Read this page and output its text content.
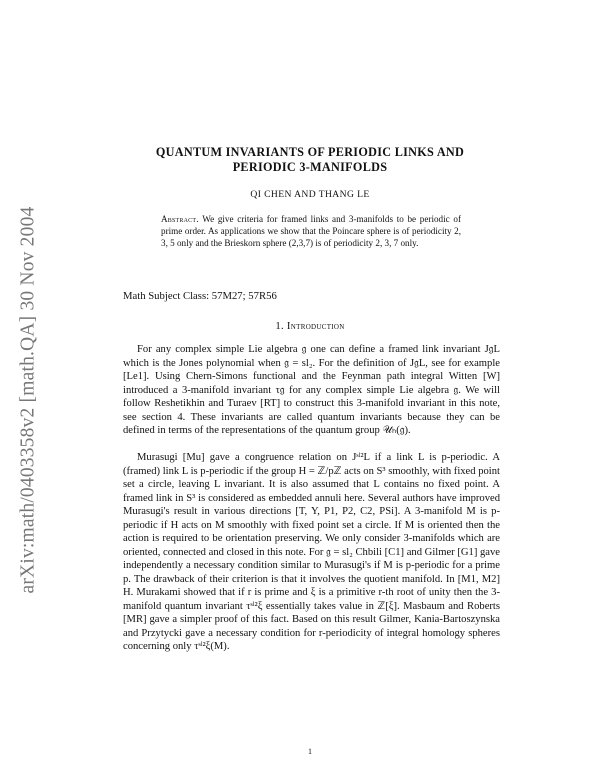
arXiv:math/0403358v2 [math.QA] 30 Nov 2004
QUANTUM INVARIANTS OF PERIODIC LINKS AND
PERIODIC 3-MANIFOLDS
QI CHEN AND THANG LE

Abstract. We give criteria for framed links and 3-manifolds to be periodic of prime order. As applications we show that the Poincare sphere is of periodicity 2, 3, 5 only and the Brieskorn sphere (2,3,7) is of periodicity 2, 3, 7 only.

Math Subject Class: 57M27; 57R56
1. Introduction

For any complex simple Lie algebra 𝔤 one can define a framed link invariant J𝔤L which is the Jones polynomial when 𝔤 = sl₂. For the definition of J𝔤L, see for example [Le1]. Using Chern-Simons functional and the Feynman path integral Witten [W] introduced a 3-manifold invariant τ𝔤 for any complex simple Lie algebra 𝔤. We will follow Reshetikhin and Turaev [RT] to construct this 3-manifold invariant in this note, see section 4. These invariants are called quantum invariants because they can be defined in terms of the representations of the quantum group 𝒰ₕ(𝔤).

Murasugi [Mu] gave a congruence relation on Jˢˡ²L if a link L is p-periodic. A (framed) link L is p-periodic if the group H = ℤ/pℤ acts on S³ smoothly, with fixed point set a circle, leaving L invariant. It is also assumed that L contains no fixed point. A framed link in S³ is considered as embedded annuli here. Several authors have improved Murasugi's result in various directions [T, Y, P1, P2, C2, PSi]. A 3-manifold M is p-periodic if H acts on M smoothly with fixed point set a circle. If M is oriented then the action is required to be orientation preserving. We only consider 3-manifolds which are oriented, connected and closed in this note. For 𝔤 = sl₂ Chbili [C1] and Gilmer [G1] gave independently a necessary condition similar to Murasugi's if M is p-periodic for a prime p. The drawback of their criterion is that it involves the quotient manifold. In [M1, M2] H. Murakami showed that if r is prime and ξ is a primitive r-th root of unity then the 3-manifold quantum invariant τˢˡ²ξ essentially takes value in ℤ[ξ]. Masbaum and Roberts [MR] gave a simpler proof of this fact. Based on this result Gilmer, Kania-Bartoszynska and Przytycki gave a necessary condition for r-periodicity of integral homology spheres concerning only τˢˡ²ξ(M).

1
